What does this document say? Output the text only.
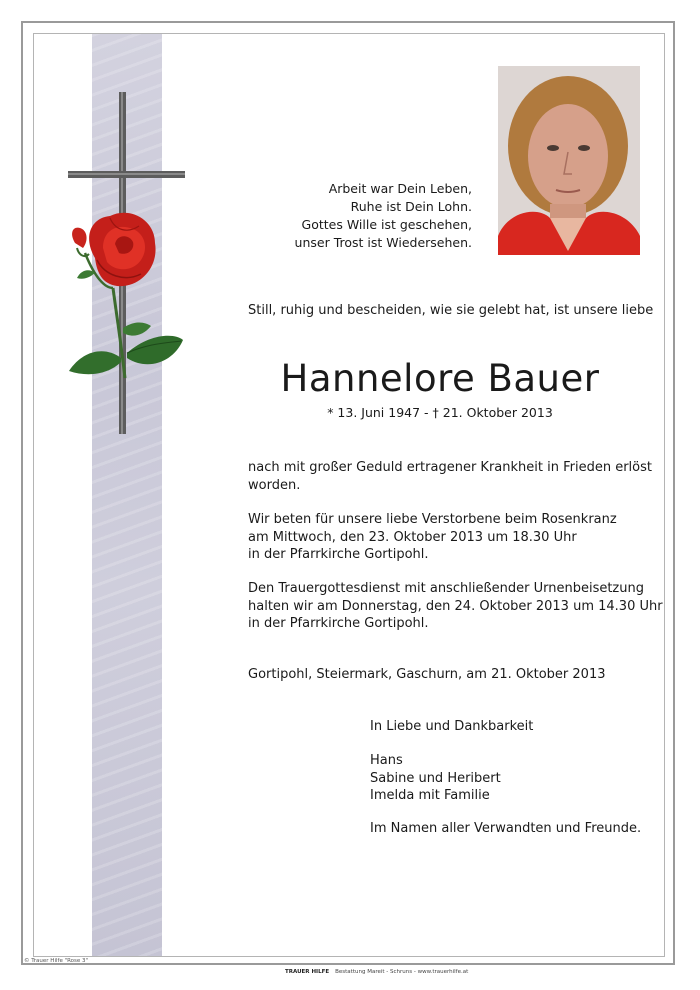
Arbeit war Dein Leben,
Ruhe ist Dein Lohn.
Gottes Wille ist geschehen,
unser Trost ist Wiedersehen.
Still, ruhig und bescheiden, wie sie gelebt hat, ist unsere liebe
Hannelore Bauer
* 13. Juni 1947 - † 21. Oktober 2013
nach mit großer Geduld ertragener Krankheit in Frieden erlöst
worden.
Wir beten für unsere liebe Verstorbene beim Rosenkranz
am Mittwoch, den 23. Oktober 2013 um 18.30 Uhr
in der Pfarrkirche Gortipohl.
Den Trauergottesdienst mit anschließender Urnenbeisetzung
halten wir am Donnerstag, den 24. Oktober 2013 um 14.30 Uhr
in der Pfarrkirche Gortipohl.
Gortipohl, Steiermark, Gaschurn, am 21. Oktober 2013
In Liebe und Dankbarkeit
Hans
Sabine und Heribert
Imelda mit Familie
Im Namen aller Verwandten und Freunde.
© Trauer Hilfe "Rose 3"
TRAUER HILFE Bestattung Mareit - Schruns - www.trauerhilfe.at
